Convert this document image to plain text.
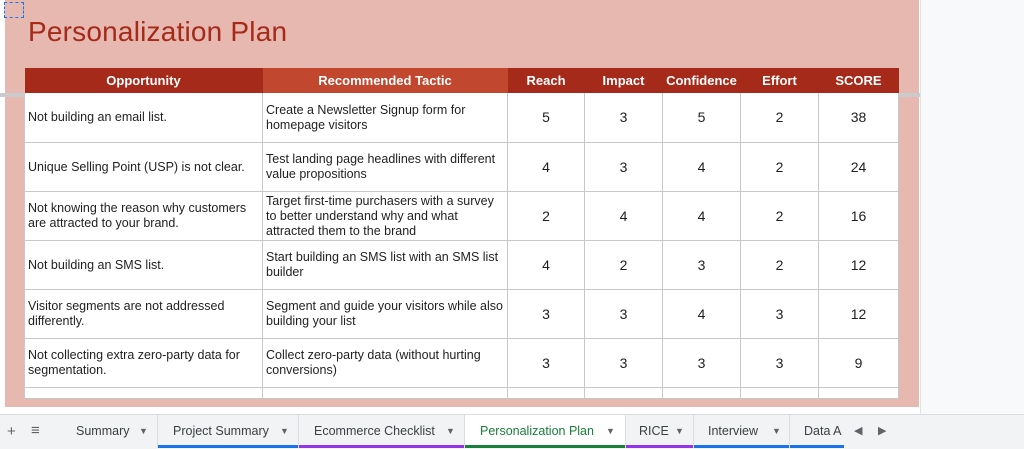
Personalization Plan
Opportunity	Recommended Tactic	Reach	Impact	Confidence	Effort	SCORE
Not building an email list.	Create a Newsletter Signup form for homepage visitors	5	3	5	2	38
Unique Selling Point (USP) is not clear.	Test landing page headlines with different value propositions	4	3	4	2	24
Not knowing the reason why customers are attracted to your brand.	Target first-time purchasers with a survey to better understand why and what attracted them to the brand	2	4	4	2	16
Not building an SMS list.	Start building an SMS list with an SMS list builder	4	2	3	2	12
Visitor segments are not addressed differently.	Segment and guide your visitors while also building your list	3	3	4	3	12
Not collecting extra zero-party data for segmentation.	Collect zero-party data (without hurting conversions)	3	3	3	3	9

+ ≡	Summary ▼ Project Summary ▼ Ecommerce Checklist ▼ Personalization Plan ▼ RICE ▼ Interview ▼ Data A ◀ ▶
